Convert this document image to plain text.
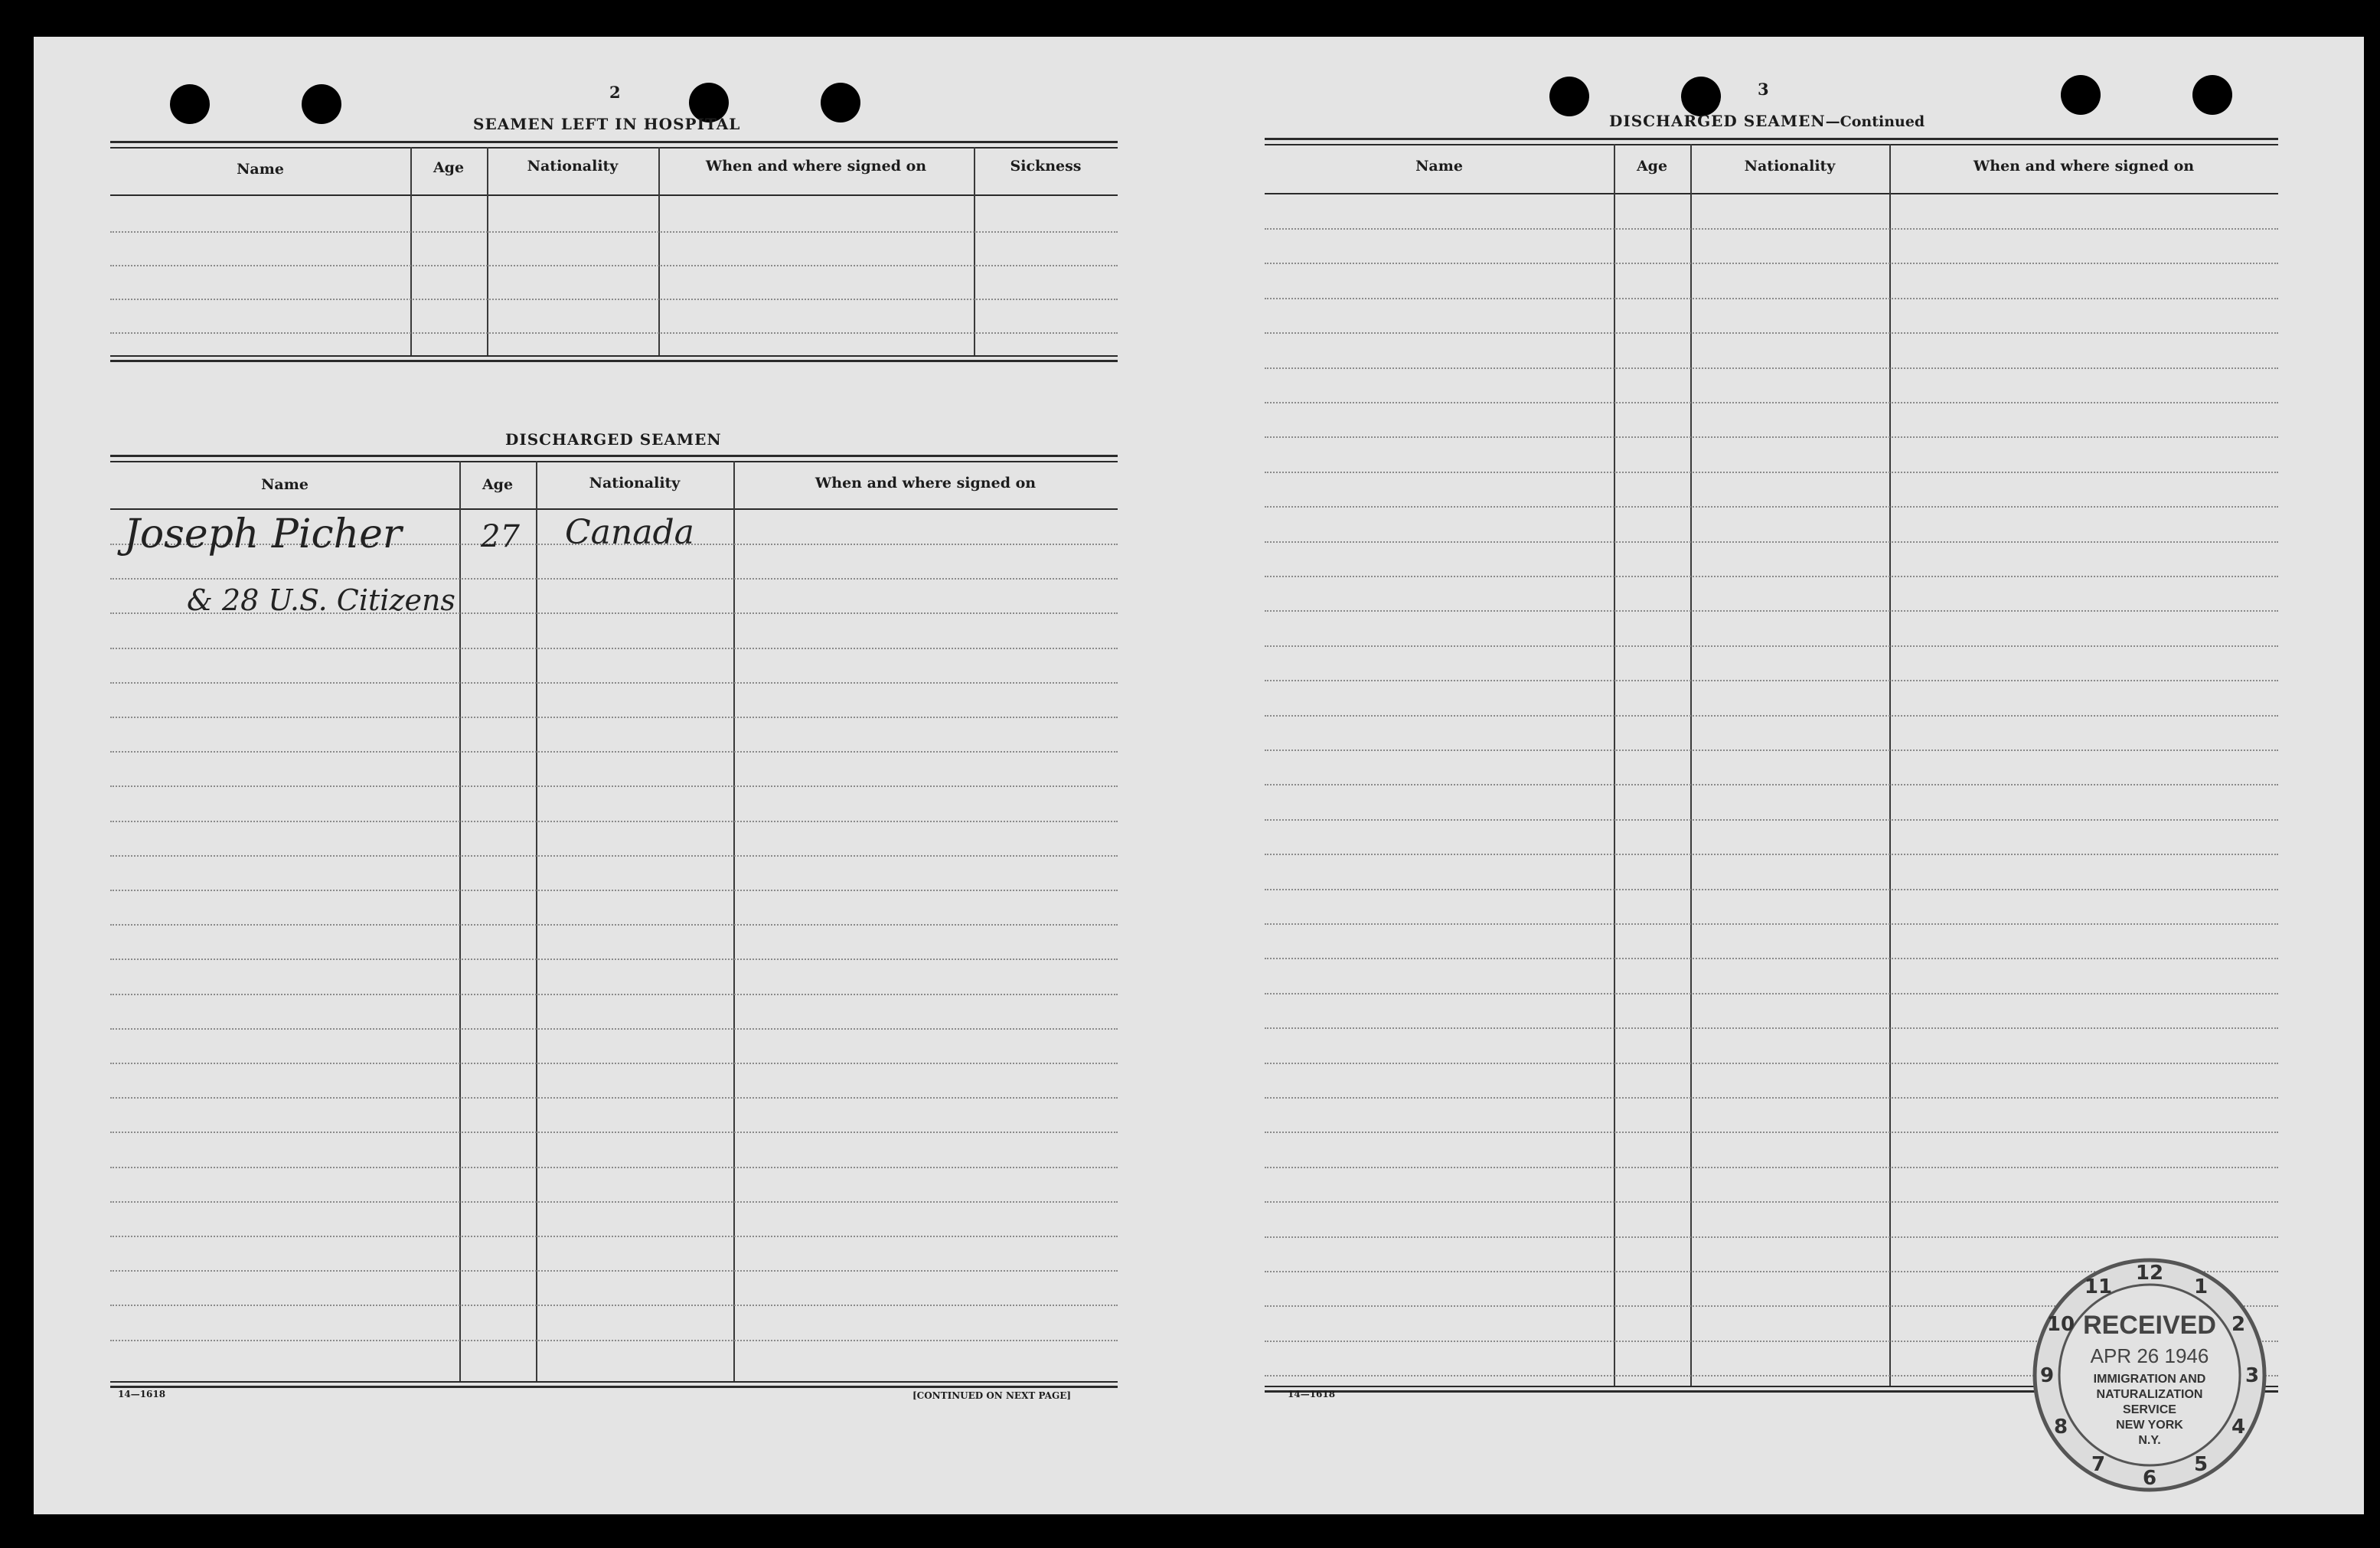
2
SEAMEN LEFT IN HOSPITAL
Name	Age	Nationality	When and where signed on	Sickness
DISCHARGED SEAMEN
Name	Age	Nationality	When and where signed on
Joseph Picher	27 Canada
& 28 U.S. Citizens
14—1618	[CONTINUED ON NEXT PAGE]
3
DISCHARGED SEAMEN—Continued
Name	Age	Nationality	When and where signed on
14—1618
10
11
12
1
2
3
4
5
6
7
8
9
RECEIVED
APR 26 1946
IMMIGRATION AND
NATURALIZATION
SERVICE
NEW YORK
N.Y.
